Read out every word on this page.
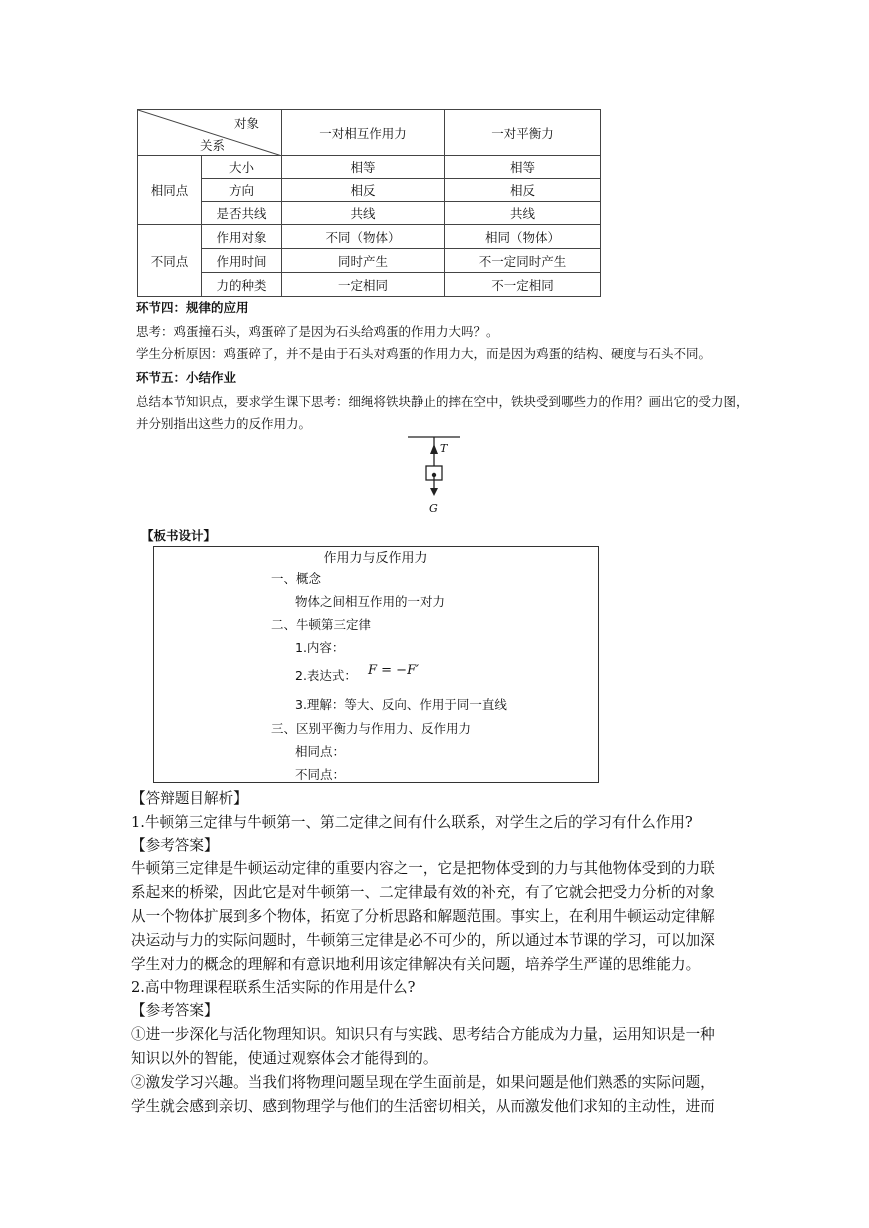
对象
关系		一对相互作用力	一对平衡力
相同点	大小	相等	相等
	方向	相反	相反
	是否共线	共线	共线
不同点	作用对象	不同（物体）	相同（物体）
	作用时间	同时产生	不一定同时产生
	力的种类	一定相同	不一定相同
环节四：规律的应用
思考：鸡蛋撞石头，鸡蛋碎了是因为石头给鸡蛋的作用力大吗？。
学生分析原因：鸡蛋碎了，并不是由于石头对鸡蛋的作用力大，而是因为鸡蛋的结构、硬度与石头不同。
环节五：小结作业
总结本节知识点，要求学生课下思考：细绳将铁块静止的摔在空中，铁块受到哪些力的作用？画出它的受力图，
并分别指出这些力的反作用力。
T
G
【板书设计】
作用力与反作用力
一、概念
物体之间相互作用的一对力
二、牛顿第三定律
1.内容：
2.表达式： F = −F′
3.理解：等大、反向、作用于同一直线
三、区别平衡力与作用力、反作用力
相同点：
不同点：
【答辩题目解析】
1.牛顿第三定律与牛顿第一、第二定律之间有什么联系，对学生之后的学习有什么作用?
【参考答案】
牛顿第三定律是牛顿运动定律的重要内容之一，它是把物体受到的力与其他物体受到的力联
系起来的桥梁，因此它是对牛顿第一、二定律最有效的补充，有了它就会把受力分析的对象
从一个物体扩展到多个物体，拓宽了分析思路和解题范围。事实上，在利用牛顿运动定律解
决运动与力的实际问题时，牛顿第三定律是必不可少的，所以通过本节课的学习，可以加深
学生对力的概念的理解和有意识地利用该定律解决有关问题，培养学生严谨的思维能力。
2.高中物理课程联系生活实际的作用是什么?
【参考答案】
①进一步深化与活化物理知识。知识只有与实践、思考结合方能成为力量，运用知识是一种
知识以外的智能，使通过观察体会才能得到的。
②激发学习兴趣。当我们将物理问题呈现在学生面前是，如果问题是他们熟悉的实际问题，
学生就会感到亲切、感到物理学与他们的生活密切相关，从而激发他们求知的主动性，进而
